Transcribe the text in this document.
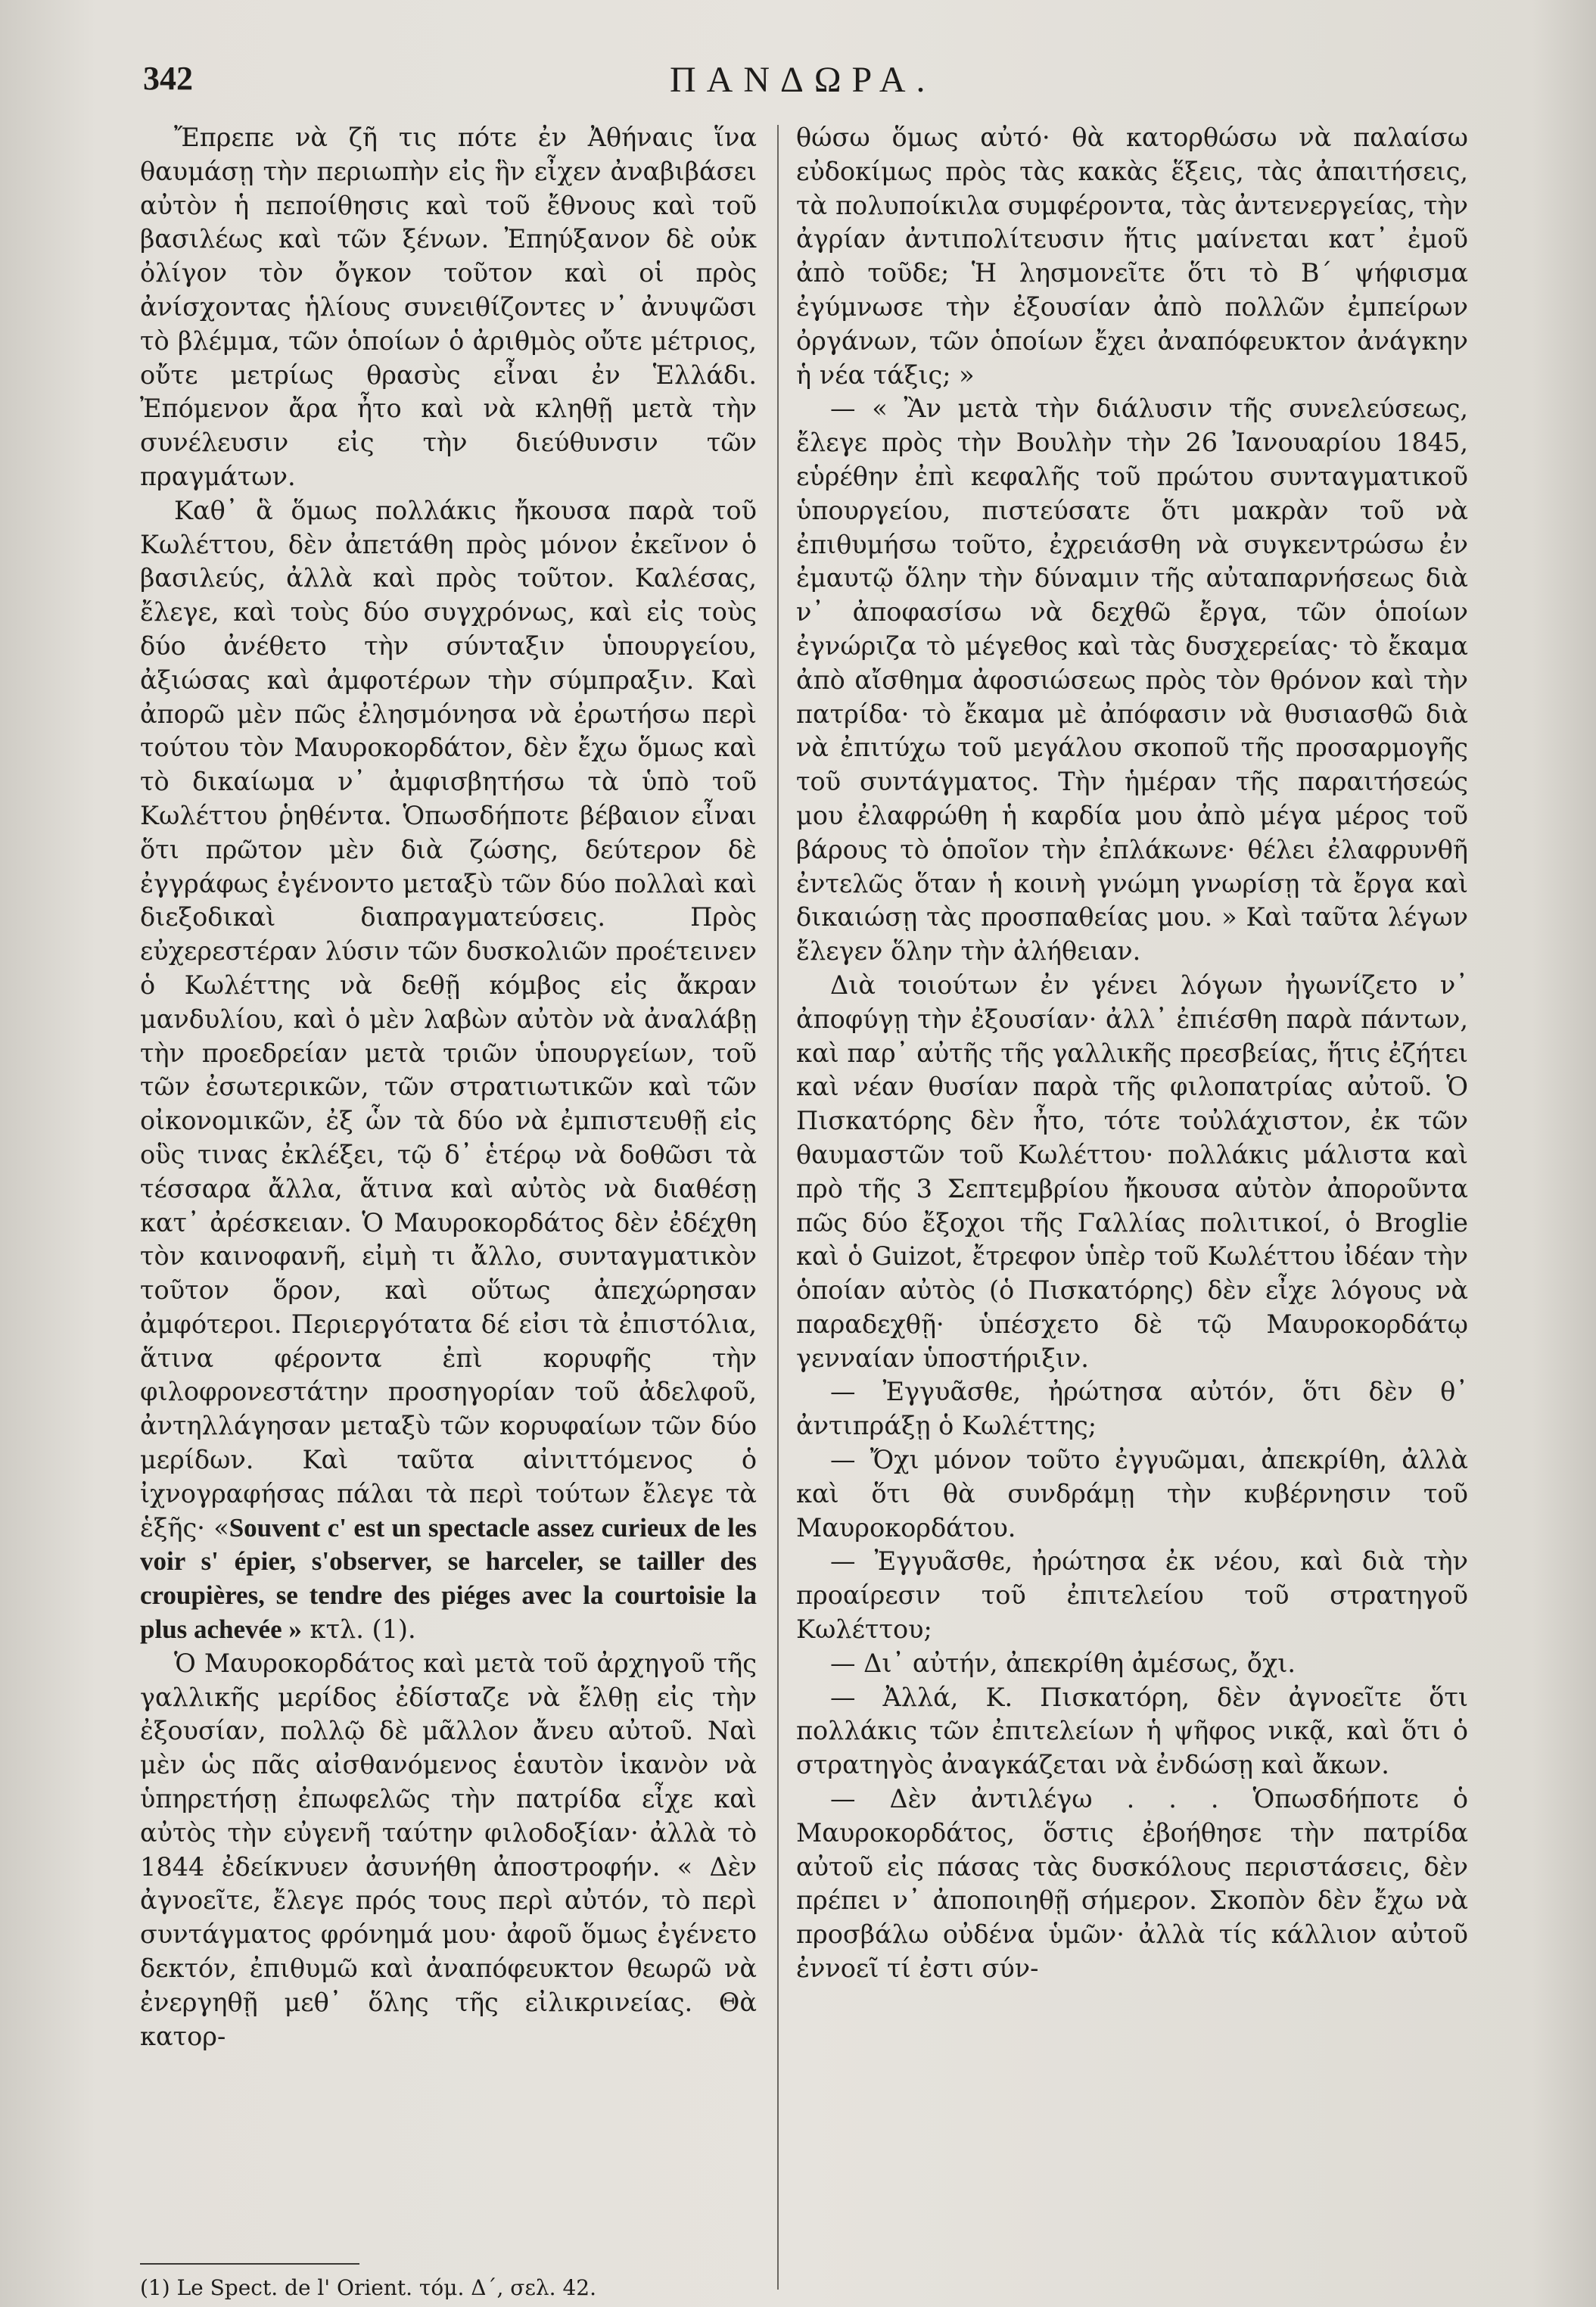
342	ΠΑΝΔΩΡΑ.

Ἔπρεπε νὰ ζῆ τις πότε ἐν Ἀθήναις ἵνα θαυμάσῃ τὴν περιωπὴν εἰς ἣν εἶχεν ἀναβιβάσει αὐτὸν ἡ πεποίθησις καὶ τοῦ ἔθνους καὶ τοῦ βασιλέως καὶ τῶν ξένων. Ἐπηύξανον δὲ οὐκ ὀλίγον τὸν ὄγκον τοῦτον καὶ οἱ πρὸς ἀνίσχοντας ἡλίους συνειθίζοντες ν᾿ ἀνυψῶσι τὸ βλέμμα, τῶν ὁποίων ὁ ἀριθμὸς οὔτε μέτριος, οὔτε μετρίως θρασὺς εἶναι ἐν Ἑλλάδι. Ἐπόμενον ἄρα ἦτο καὶ νὰ κληθῇ μετὰ τὴν συνέλευσιν εἰς τὴν διεύθυνσιν τῶν πραγμάτων.

Καθ᾿ ἃ ὅμως πολλάκις ἤκουσα παρὰ τοῦ Κωλέττου, δὲν ἀπετάθη πρὸς μόνον ἐκεῖνον ὁ βασιλεύς, ἀλλὰ καὶ πρὸς τοῦτον. Καλέσας, ἔλεγε, καὶ τοὺς δύο συγχρόνως, καὶ εἰς τοὺς δύο ἀνέθετο τὴν σύνταξιν ὑπουργείου, ἀξιώσας καὶ ἀμφοτέρων τὴν σύμπραξιν. Καὶ ἀπορῶ μὲν πῶς ἐλησμόνησα νὰ ἐρωτήσω περὶ τούτου τὸν Μαυροκορδάτον, δὲν ἔχω ὅμως καὶ τὸ δικαίωμα ν᾿ ἀμφισβητήσω τὰ ὑπὸ τοῦ Κωλέττου ῥηθέντα. Ὁπωσδήποτε βέβαιον εἶναι ὅτι πρῶτον μὲν διὰ ζώσης, δεύτερον δὲ ἐγγράφως ἐγένοντο μεταξὺ τῶν δύο πολλαὶ καὶ διεξοδικαὶ διαπραγματεύσεις. Πρὸς εὐχερεστέραν λύσιν τῶν δυσκολιῶν προέτεινεν ὁ Κωλέττης νὰ δεθῇ κόμβος εἰς ἄκραν μανδυλίου, καὶ ὁ μὲν λαβὼν αὐτὸν νὰ ἀναλάβῃ τὴν προεδρείαν μετὰ τριῶν ὑπουργείων, τοῦ τῶν ἐσωτερικῶν, τῶν στρατιωτικῶν καὶ τῶν οἰκονομικῶν, ἐξ ὧν τὰ δύο νὰ ἐμπιστευθῇ εἰς οὓς τινας ἐκλέξει, τῷ δ᾿ ἑτέρῳ νὰ δοθῶσι τὰ τέσσαρα ἄλλα, ἅτινα καὶ αὐτὸς νὰ διαθέσῃ κατ᾿ ἀρέσκειαν. Ὁ Μαυροκορδάτος δὲν ἐδέχθη τὸν καινοφανῆ, εἰμὴ τι ἄλλο, συνταγματικὸν τοῦτον ὅρον, καὶ οὕτως ἀπεχώρησαν ἀμφότεροι. Περιεργότατα δέ εἰσι τὰ ἐπιστόλια, ἅτινα φέροντα ἐπὶ κορυφῆς τὴν φιλοφρονεστάτην προσηγορίαν τοῦ ἀδελφοῦ, ἀντηλλάγησαν μεταξὺ τῶν κορυφαίων τῶν δύο μερίδων. Καὶ ταῦτα αἰνιττόμενος ὁ ἰχνογραφήσας πάλαι τὰ περὶ τούτων ἔλεγε τὰ ἑξῆς· «Souvent c' est un spectacle assez curieux de les voir s' épier, s'observer, se harceler, se tailler des croupières, se tendre des piéges avec la courtoisie la plus achevée » κτλ. (1).

Ὁ Μαυροκορδάτος καὶ μετὰ τοῦ ἀρχηγοῦ τῆς γαλλικῆς μερίδος ἐδίσταζε νὰ ἔλθῃ εἰς τὴν ἐξουσίαν, πολλῷ δὲ μᾶλλον ἄνευ αὐτοῦ. Ναὶ μὲν ὡς πᾶς αἰσθανόμενος ἑαυτὸν ἱκανὸν νὰ ὑπηρετήσῃ ἐπωφελῶς τὴν πατρίδα εἶχε καὶ αὐτὸς τὴν εὐγενῆ ταύτην φιλοδοξίαν· ἀλλὰ τὸ 1844 ἐδείκνυεν ἀσυνήθη ἀποστροφήν. « Δὲν ἀγνοεῖτε, ἔλεγε πρός τους περὶ αὐτόν, τὸ περὶ συντάγματος φρόνημά μου· ἀφοῦ ὅμως ἐγένετο δεκτόν, ἐπιθυμῶ καὶ ἀναπόφευκτον θεωρῶ νὰ ἐνεργηθῇ μεθ᾿ ὅλης τῆς εἰλικρινείας. Θὰ κατορ-

θώσω ὅμως αὐτό· θὰ κατορθώσω νὰ παλαίσω εὐδοκίμως πρὸς τὰς κακὰς ἕξεις, τὰς ἀπαιτήσεις, τὰ πολυποίκιλα συμφέροντα, τὰς ἀντενεργείας, τὴν ἀγρίαν ἀντιπολίτευσιν ἥτις μαίνεται κατ᾿ ἐμοῦ ἀπὸ τοῦδε; Ἡ λησμονεῖτε ὅτι τὸ Β´ ψήφισμα ἐγύμνωσε τὴν ἐξουσίαν ἀπὸ πολλῶν ἐμπείρων ὀργάνων, τῶν ὁποίων ἔχει ἀναπόφευκτον ἀνάγκην ἡ νέα τάξις; »

— « Ἂν μετὰ τὴν διάλυσιν τῆς συνελεύσεως, ἔλεγε πρὸς τὴν Βουλὴν τὴν 26 Ἰανουαρίου 1845, εὑρέθην ἐπὶ κεφαλῆς τοῦ πρώτου συνταγματικοῦ ὑπουργείου, πιστεύσατε ὅτι μακρὰν τοῦ νὰ ἐπιθυμήσω τοῦτο, ἐχρειάσθη νὰ συγκεντρώσω ἐν ἐμαυτῷ ὅλην τὴν δύναμιν τῆς αὐταπαρνήσεως διὰ ν᾿ ἀποφασίσω νὰ δεχθῶ ἔργα, τῶν ὁποίων ἐγνώριζα τὸ μέγεθος καὶ τὰς δυσχερείας· τὸ ἔκαμα ἀπὸ αἴσθημα ἀφοσιώσεως πρὸς τὸν θρόνον καὶ τὴν πατρίδα· τὸ ἔκαμα μὲ ἀπόφασιν νὰ θυσιασθῶ διὰ νὰ ἐπιτύχω τοῦ μεγάλου σκοποῦ τῆς προσαρμογῆς τοῦ συντάγματος. Τὴν ἡμέραν τῆς παραιτήσεώς μου ἐλαφρώθη ἡ καρδία μου ἀπὸ μέγα μέρος τοῦ βάρους τὸ ὁποῖον τὴν ἐπλάκωνε· θέλει ἐλαφρυνθῆ ἐντελῶς ὅταν ἡ κοινὴ γνώμη γνωρίσῃ τὰ ἔργα καὶ δικαιώσῃ τὰς προσπαθείας μου. » Καὶ ταῦτα λέγων ἔλεγεν ὅλην τὴν ἀλήθειαν.

Διὰ τοιούτων ἐν γένει λόγων ἠγωνίζετο ν᾿ ἀποφύγῃ τὴν ἐξουσίαν· ἀλλ᾿ ἐπιέσθη παρὰ πάντων, καὶ παρ᾿ αὐτῆς τῆς γαλλικῆς πρεσβείας, ἥτις ἐζήτει καὶ νέαν θυσίαν παρὰ τῆς φιλοπατρίας αὐτοῦ. Ὁ Πισκατόρης δὲν ἦτο, τότε τοὐλάχιστον, ἐκ τῶν θαυμαστῶν τοῦ Κωλέττου· πολλάκις μάλιστα καὶ πρὸ τῆς 3 Σεπτεμβρίου ἤκουσα αὐτὸν ἀποροῦντα πῶς δύο ἔξοχοι τῆς Γαλλίας πολιτικοί, ὁ Broglie καὶ ὁ Guizot, ἔτρεφον ὑπὲρ τοῦ Κωλέττου ἰδέαν τὴν ὁποίαν αὐτὸς (ὁ Πισκατόρης) δὲν εἶχε λόγους νὰ παραδεχθῇ· ὑπέσχετο δὲ τῷ Μαυροκορδάτῳ γενναίαν ὑποστήριξιν.

— Ἐγγυᾶσθε, ἠρώτησα αὐτόν, ὅτι δὲν θ᾿ ἀντιπράξῃ ὁ Κωλέττης;

— Ὄχι μόνον τοῦτο ἐγγυῶμαι, ἀπεκρίθη, ἀλλὰ καὶ ὅτι θὰ συνδράμῃ τὴν κυβέρνησιν τοῦ Μαυροκορδάτου.

— Ἐγγυᾶσθε, ἠρώτησα ἐκ νέου, καὶ διὰ τὴν προαίρεσιν τοῦ ἐπιτελείου τοῦ στρατηγοῦ Κωλέττου;

— Δι᾿ αὐτήν, ἀπεκρίθη ἀμέσως, ὄχι.

— Ἀλλά, Κ. Πισκατόρη, δὲν ἀγνοεῖτε ὅτι πολλάκις τῶν ἐπιτελείων ἡ ψῆφος νικᾷ, καὶ ὅτι ὁ στρατηγὸς ἀναγκάζεται νὰ ἐνδώσῃ καὶ ἄκων.

— Δὲν ἀντιλέγω . . . Ὁπωσδήποτε ὁ Μαυροκορδάτος, ὅστις ἐβοήθησε τὴν πατρίδα αὐτοῦ εἰς πάσας τὰς δυσκόλους περιστάσεις, δὲν πρέπει ν᾿ ἀποποιηθῇ σήμερον. Σκοπὸν δὲν ἔχω νὰ προσβάλω οὐδένα ὑμῶν· ἀλλὰ τίς κάλλιον αὐτοῦ ἐννοεῖ τί ἐστι σύν-

(1) Le Spect. de l' Orient. τόμ. Δ´, σελ. 42.
